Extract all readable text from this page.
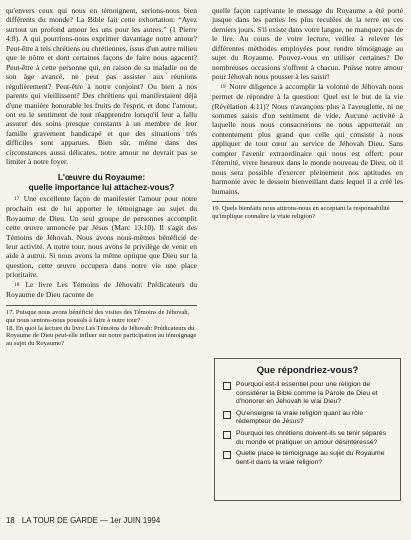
qu'envers ceux qui nous en témoignent, serions-nous bien différents du monde? La Bible fait cette exhortation: “Ayez surtout un profond amour les uns pour les autres.” (1 Pierre 4:8). A qui pourrions-nous exprimer davantage notre amour? Peut-être à tels chrétiens ou chrétiennes, issus d'un autre milieu que le nôtre et dont certaines façons de faire nous agacent? Peut-être à cette personne qui, en raison de sa maladie ou de son âge avancé, ne peut pas assister aux réunions régulièrement? Peut-être à notre conjoint? Ou bien à nos parents qui vieillissent? Des chrétiens qui manifestaient déjà d'une manière honorable les fruits de l'esprit, et donc l'amour, ont eu le sentiment de tout réapprendre lorsqu'il leur a fallu assurer des soins presque constants à un membre de leur famille gravement handicapé et que des situations très difficiles sont apparues. Bien sûr, même dans des circonstances aussi délicates, notre amour ne devrait pas se limiter à notre foyer.

L'œuvre du Royaume:
quelle importance lui attachez-vous?

17 Une excellente façon de manifester l'amour pour notre prochain est de lui apporter le témoignage au sujet du Royaume de Dieu. Un seul groupe de personnes accomplit cette œuvre annoncée par Jésus (Marc 13:10). Il s'agit des Témoins de Jéhovah. Nous avons nous-mêmes bénéficié de leur activité. A notre tour, nous avons le privilège de venir en aide à autrui. Si nous avons la même optique que Dieu sur la question, cette œuvre occupera dans notre vie une place prioritaire.

18 Le livre Les Témoins de Jéhovah: Prédicateurs du Royaume de Dieu raconte de

17. Puisque nous avons bénéficié des visites des Témoins de Jéhovah, que nous sentons-nous poussés à faire à notre tour?

18. En quoi la lecture du livre Les Témoins de Jéhovah: Prédicateurs du Royaume de Dieu peut-elle influer sur notre participation au témoignage au sujet du Royaume?

quelle façon captivante le message du Royaume a été porté jusque dans les parties les plus reculées de la terre en ces derniers jours. S'il existe dans votre langue, ne manquez pas de le lire. Au cours de votre lecture, veillez à relever les différentes méthodes employées pour rendre témoignage au sujet du Royaume. Pouvez-vous en utiliser certaines? De nombreuses occasions s'offrent à chacun. Puisse notre amour pour Jéhovah nous pousser à les saisir!

19 Notre diligence à accomplir la volonté de Jéhovah nous permet de répondre à la question: Quel est le but de la vie (Révélation 4:11)? Nous n'avançons plus à l'aveuglette, ni ne sommes saisis d'un sentiment de vide. Aucune activité à laquelle nous nous consacrerions ne nous apporterait un contentement plus grand que celle qui consiste à nous appliquer de tout cœur au service de Jéhovah Dieu. Sans compter l'avenir extraordinaire qui nous est offert: pour l'éternité, vivre heureux dans le monde nouveau de Dieu, où il nous sera possible d'exercer pleinement nos aptitudes en harmonie avec le dessein bienveillant dans lequel il a créé les humains.

19. Quels bienfaits nous attirons-nous en acceptant la responsabilité qu'implique connaître la vraie religion?

Que répondriez-vous?
Pourquoi est-il essentiel pour une religion de considérer la Bible comme la Parole de Dieu et d'honorer en Jéhovah le vrai Dieu?
Qu'enseigne la vraie religion quant au rôle rédempteur de Jésus?
Pourquoi les chrétiens doivent-ils se tenir séparés du monde et pratiquer un amour désintéressé?
Quelle place le témoignage au sujet du Royaume tient-il dans la vraie religion?
18 LA TOUR DE GARDE — 1er JUIN 1994
